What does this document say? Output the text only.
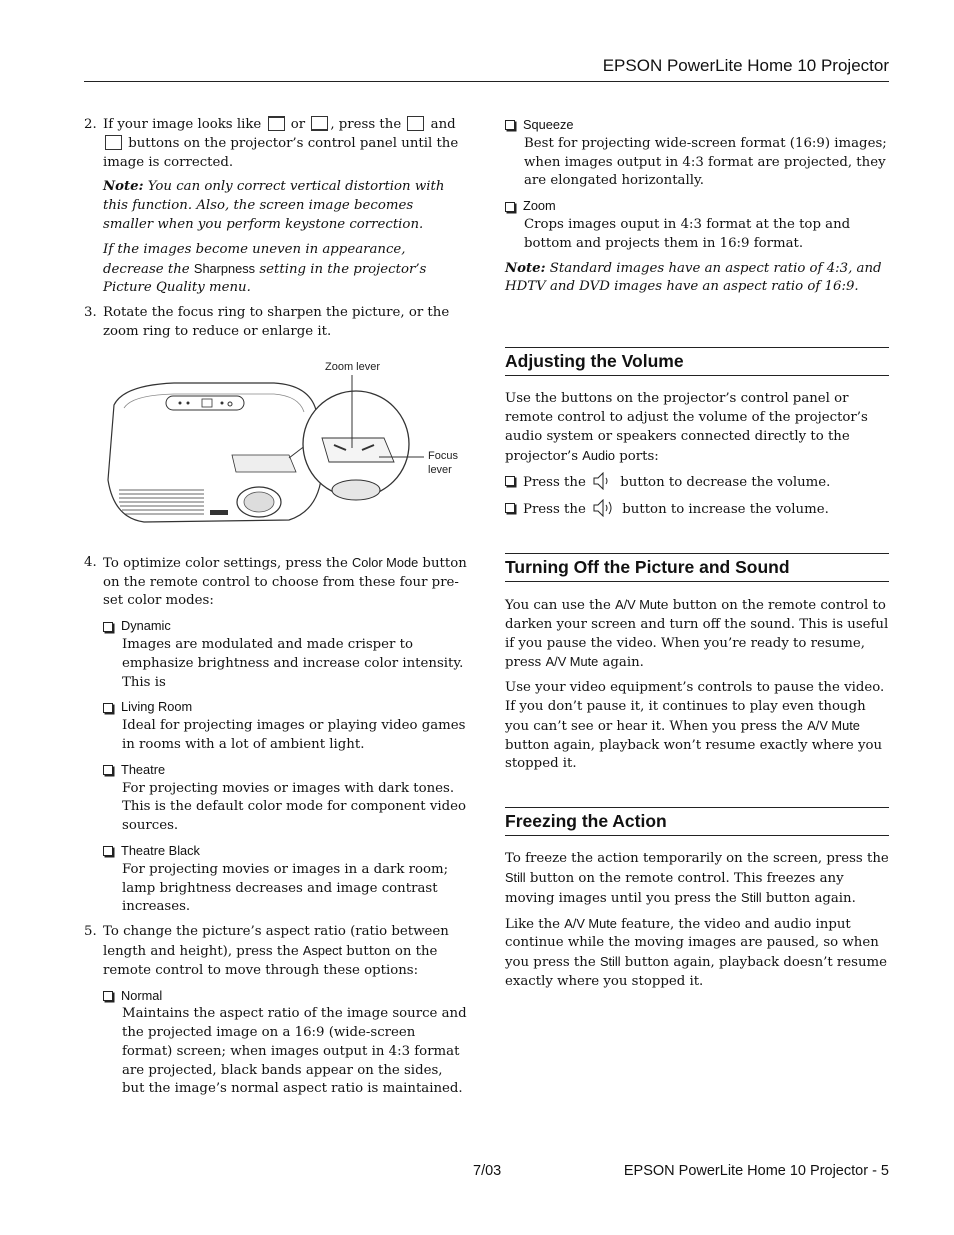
EPSON PowerLite Home 10 Projector
2. If your image looks like or , press the and  buttons on the projector’s control panel until the image is corrected.
Note: You can only correct vertical distortion with this function. Also, the screen image becomes smaller when you perform keystone correction.
If the images become uneven in appearance, decrease the Sharpness setting in the projector’s Picture Quality menu.
3. Rotate the focus ring to sharpen the picture, or the zoom ring to reduce or enlarge it.
Zoom lever
Focus
lever
4. To optimize color settings, press the Color Mode button on the remote control to choose from these four pre-set color modes:
Dynamic
Images are modulated and made crisper to emphasize brightness and increase color intensity. This is
Living Room
Ideal for projecting images or playing video games in rooms with a lot of ambient light.
Theatre
For projecting movies or images with dark tones. This is the default color mode for component video sources.
Theatre Black
For projecting movies or images in a dark room; lamp brightness decreases and image contrast increases.
5. To change the picture’s aspect ratio (ratio between length and height), press the Aspect button on the remote control to move through these options:
Normal
Maintains the aspect ratio of the image source and the projected image on a 16:9 (wide-screen format) screen; when images output in 4:3 format are projected, black bands appear on the sides, but the image’s normal aspect ratio is maintained.
Squeeze
Best for projecting wide-screen format (16:9) images; when images output in 4:3 format are projected, they are elongated horizontally.
Zoom
Crops images ouput in 4:3 format at the top and bottom and projects them in 16:9 format.
Note: Standard images have an aspect ratio of 4:3, and HDTV and DVD images have an aspect ratio of 16:9.
Adjusting the Volume
Use the buttons on the projector’s control panel or remote control to adjust the volume of the projector’s audio system or speakers connected directly to the projector’s Audio ports:
Press the	button to decrease the volume.
Press the	button to increase the volume.
Turning Off the Picture and Sound
You can use the A/V Mute button on the remote control to darken your screen and turn off the sound. This is useful if you pause the video. When you’re ready to resume, press A/V Mute again.
Use your video equipment’s controls to pause the video. If you don’t pause it, it continues to play even though you can’t see or hear it. When you press the A/V Mute button again, playback won’t resume exactly where you stopped it.
Freezing the Action
To freeze the action temporarily on the screen, press the Still button on the remote control. This freezes any moving images until you press the Still button again.
Like the A/V Mute feature, the video and audio input continue while the moving images are paused, so when you press the Still button again, playback doesn’t resume exactly where you stopped it.
7/03	EPSON PowerLite Home 10 Projector - 5
